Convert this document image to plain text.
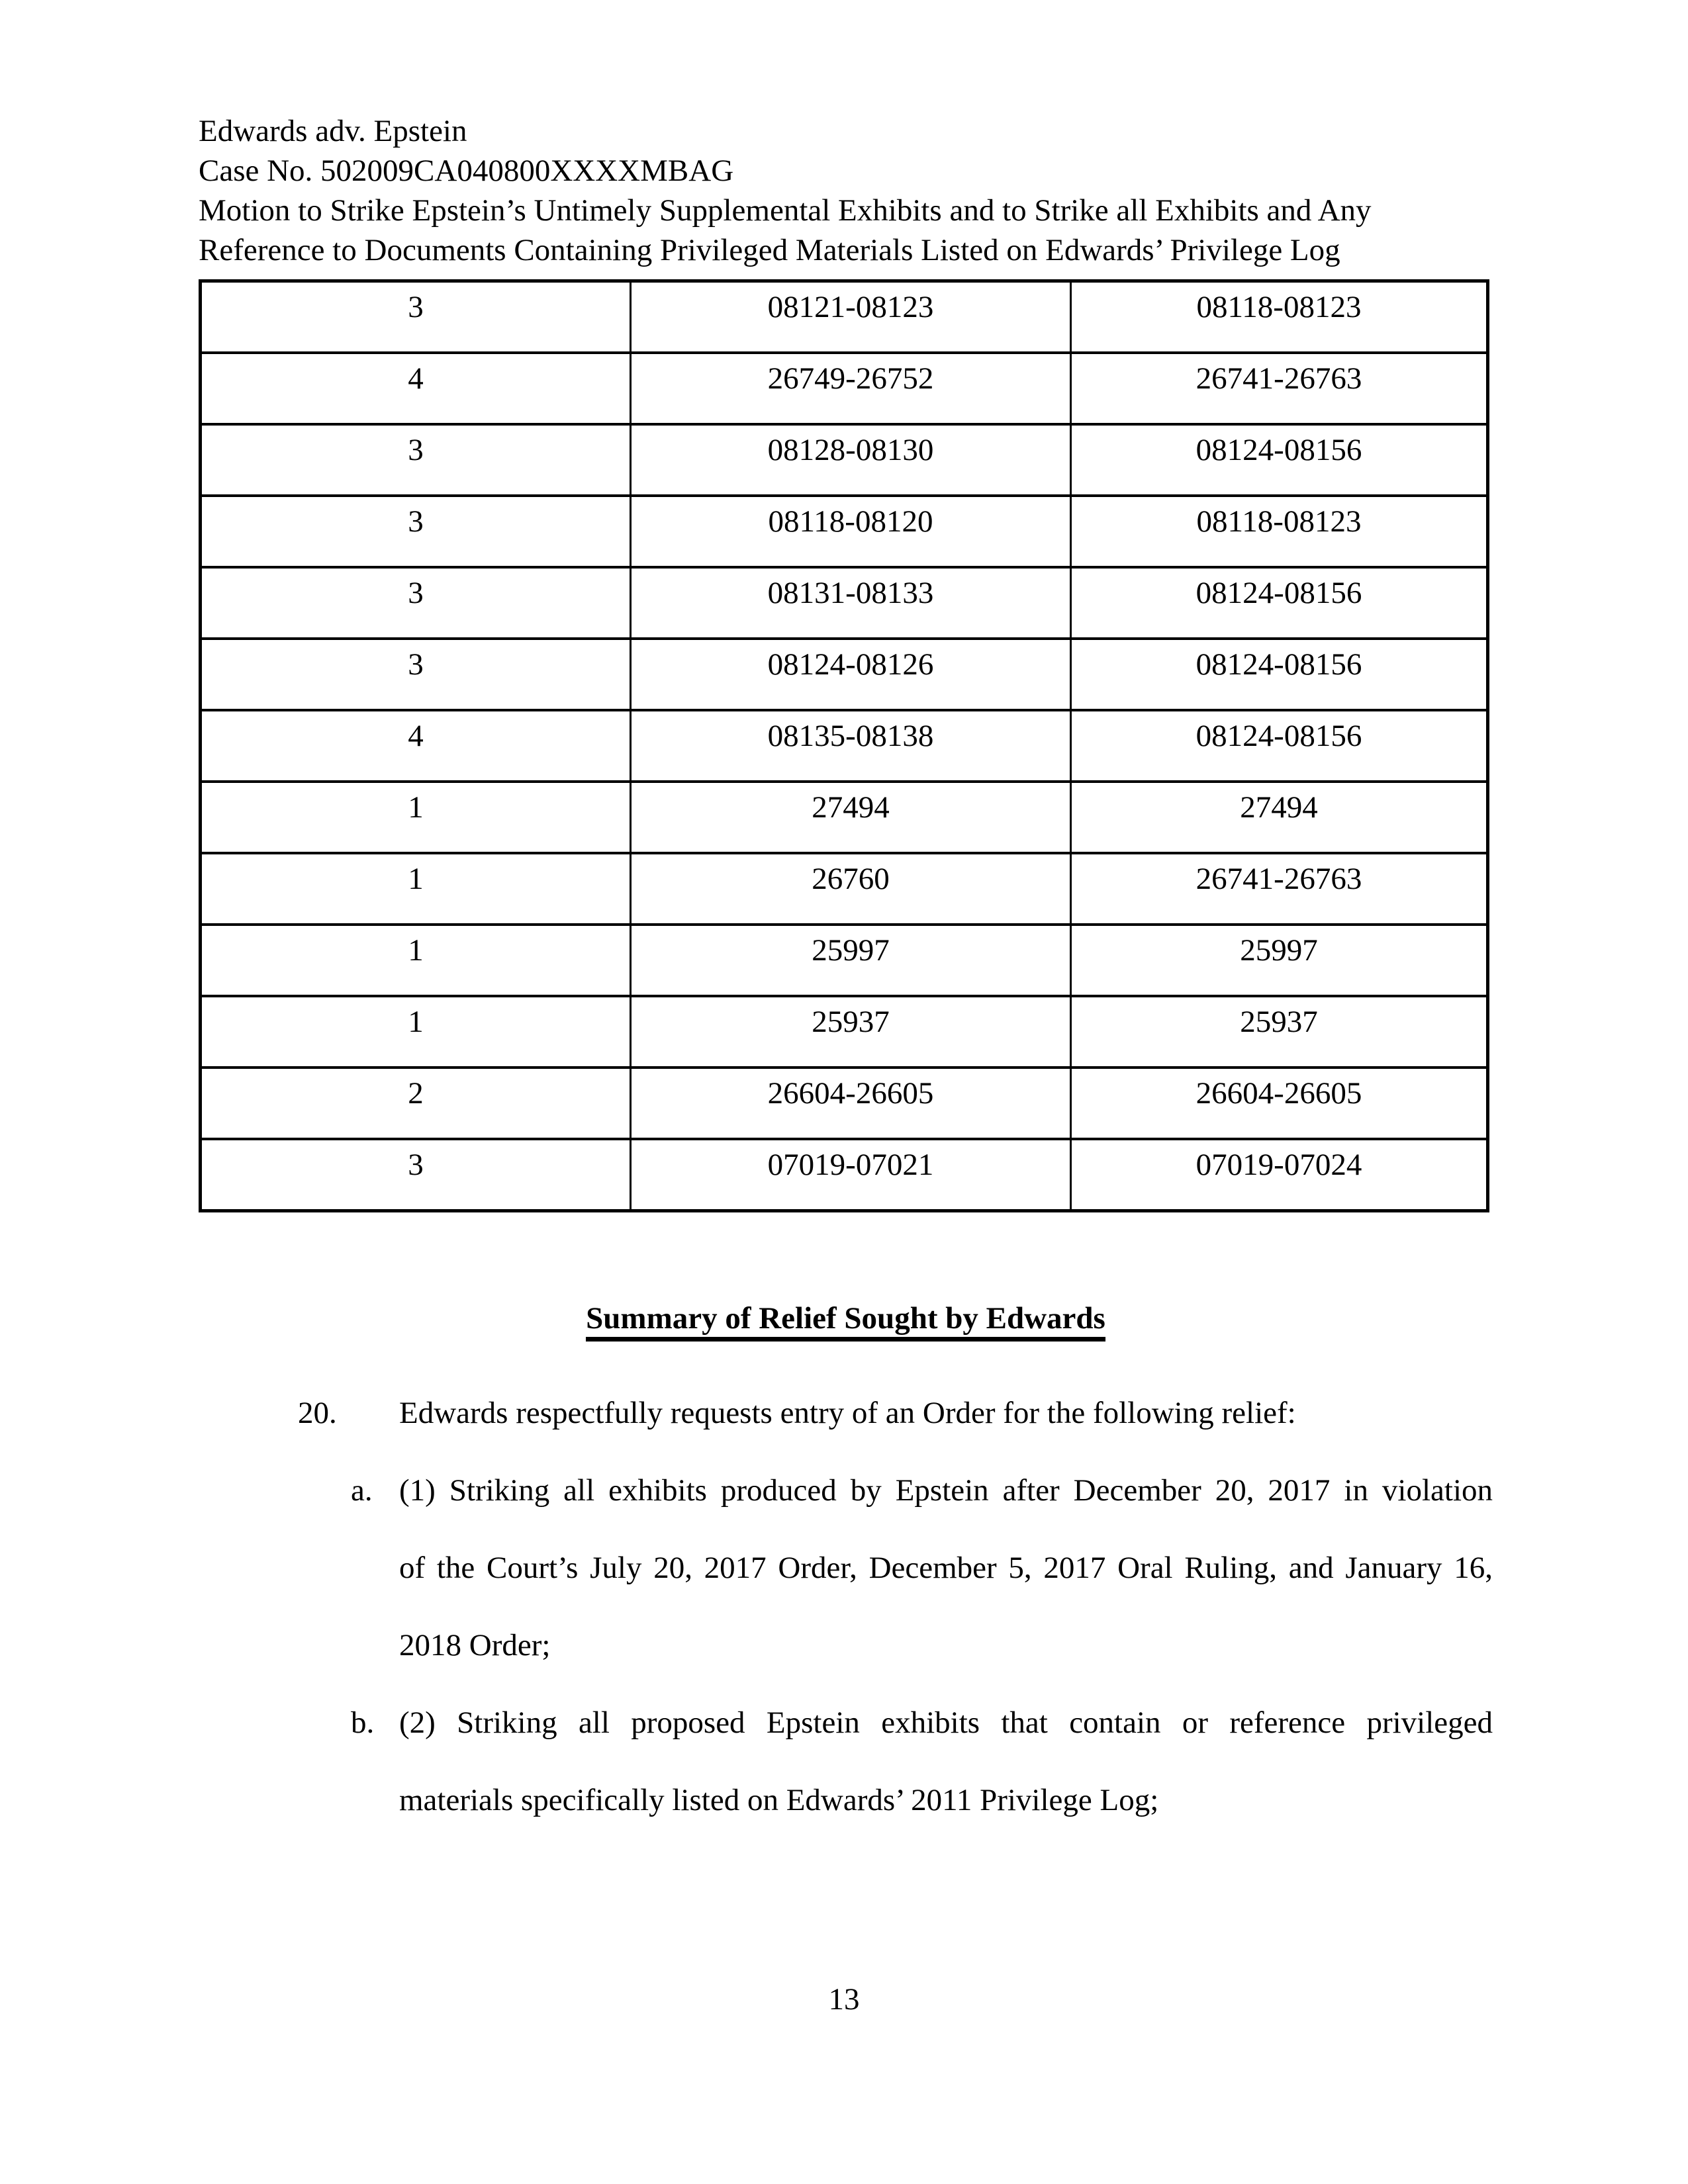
Edwards adv. Epstein
Case No. 502009CA040800XXXXMBAG
Motion to Strike Epstein’s Untimely Supplemental Exhibits and to Strike all Exhibits and Any
Reference to Documents Containing Privileged Materials Listed on Edwards’ Privilege Log
3	08121-08123	08118-08123
4	26749-26752	26741-26763
3	08128-08130	08124-08156
3	08118-08120	08118-08123
3	08131-08133	08124-08156
3	08124-08126	08124-08156
4	08135-08138	08124-08156
1	27494	27494
1	26760	26741-26763
1	25997	25997
1	25937	25937
2	26604-26605	26604-26605
3	07019-07021	07019-07024
Summary of Relief Sought by Edwards
20. Edwards respectfully requests entry of an Order for the following relief:
a. (1) Striking all exhibits produced by Epstein after December 20, 2017 in violation
of the Court’s July 20, 2017 Order, December 5, 2017 Oral Ruling, and January 16,
2018 Order;
b. (2) Striking all proposed Epstein exhibits that contain or reference privileged
materials specifically listed on Edwards’ 2011 Privilege Log;
13
